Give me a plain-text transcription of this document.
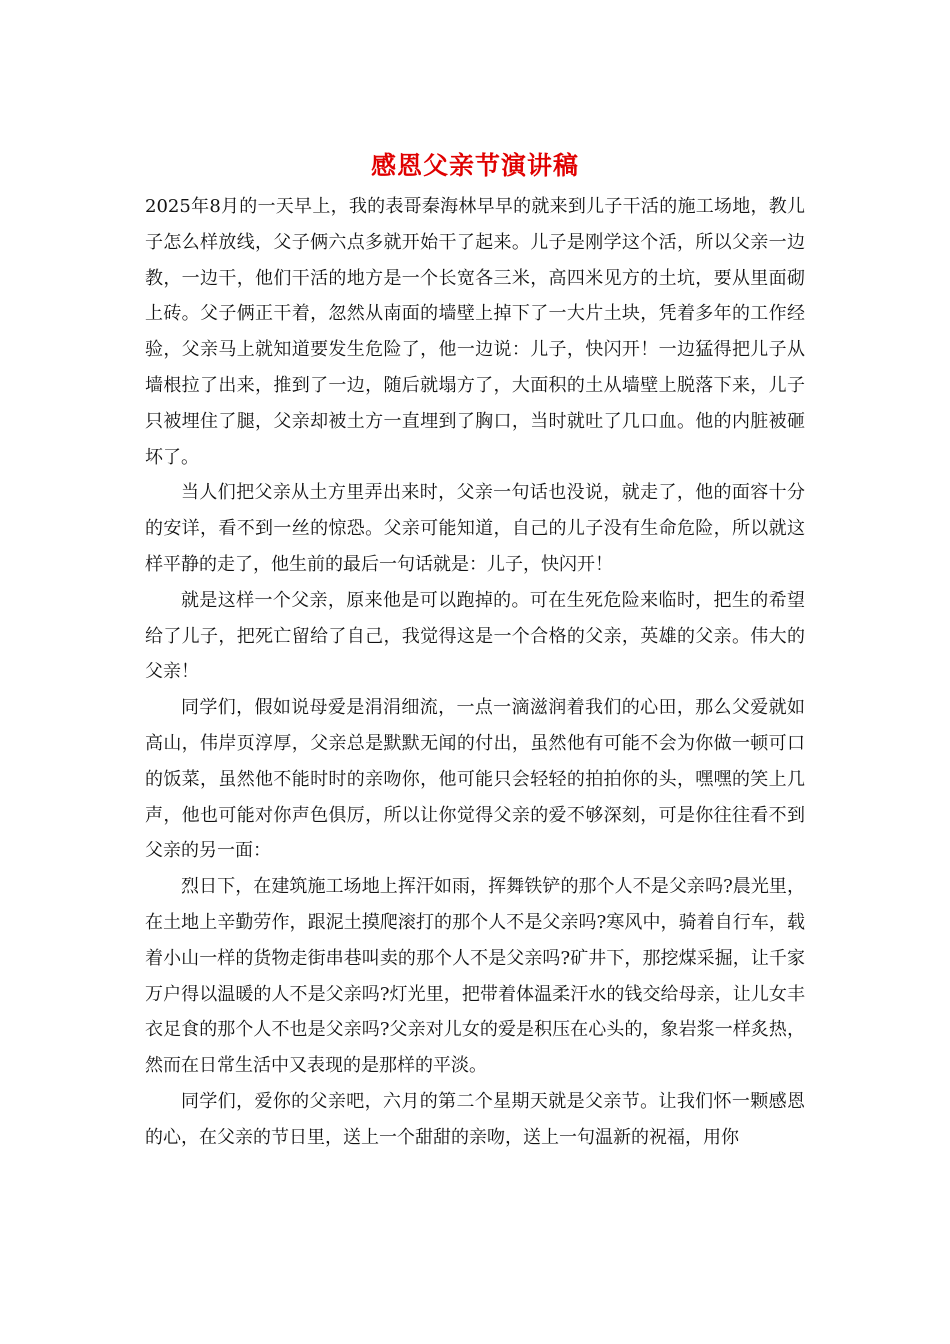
感恩父亲节演讲稿

2025年8月的一天早上，我的表哥秦海林早早的就来到儿子干活的施工场地，教儿子怎么样放线，父子俩六点多就开始干了起来。儿子是刚学这个活，所以父亲一边教，一边干，他们干活的地方是一个长宽各三米，高四米见方的土坑，要从里面砌上砖。父子俩正干着，忽然从南面的墙壁上掉下了一大片土块，凭着多年的工作经验，父亲马上就知道要发生危险了，他一边说：儿子，快闪开！一边猛得把儿子从墙根拉了出来，推到了一边，随后就塌方了，大面积的土从墙壁上脱落下来，儿子只被埋住了腿，父亲却被土方一直埋到了胸口，当时就吐了几口血。他的内脏被砸坏了。

当人们把父亲从土方里弄出来时，父亲一句话也没说，就走了，他的面容十分的安详，看不到一丝的惊恐。父亲可能知道，自己的儿子没有生命危险，所以就这样平静的走了，他生前的最后一句话就是：儿子，快闪开！

就是这样一个父亲，原来他是可以跑掉的。可在生死危险来临时，把生的希望给了儿子，把死亡留给了自己，我觉得这是一个合格的父亲，英雄的父亲。伟大的父亲！

同学们，假如说母爱是涓涓细流，一点一滴滋润着我们的心田，那么父爱就如高山，伟岸页淳厚，父亲总是默默无闻的付出，虽然他有可能不会为你做一顿可口的饭菜，虽然他不能时时的亲吻你，他可能只会轻轻的拍拍你的头，嘿嘿的笑上几声，他也可能对你声色俱厉，所以让你觉得父亲的爱不够深刻，可是你往往看不到父亲的另一面：

烈日下，在建筑施工场地上挥汗如雨，挥舞铁铲的那个人不是父亲吗?晨光里，在土地上辛勤劳作，跟泥土摸爬滚打的那个人不是父亲吗?寒风中，骑着自行车，载着小山一样的货物走街串巷叫卖的那个人不是父亲吗?矿井下，那挖煤采掘，让千家万户得以温暖的人不是父亲吗?灯光里，把带着体温柔汗水的钱交给母亲，让儿女丰衣足食的那个人不也是父亲吗?父亲对儿女的爱是积压在心头的，象岩浆一样炙热，然而在日常生活中又表现的是那样的平淡。

同学们，爱你的父亲吧，六月的第二个星期天就是父亲节。让我们怀一颗感恩的心，在父亲的节日里，送上一个甜甜的亲吻，送上一句温新的祝福，用你
